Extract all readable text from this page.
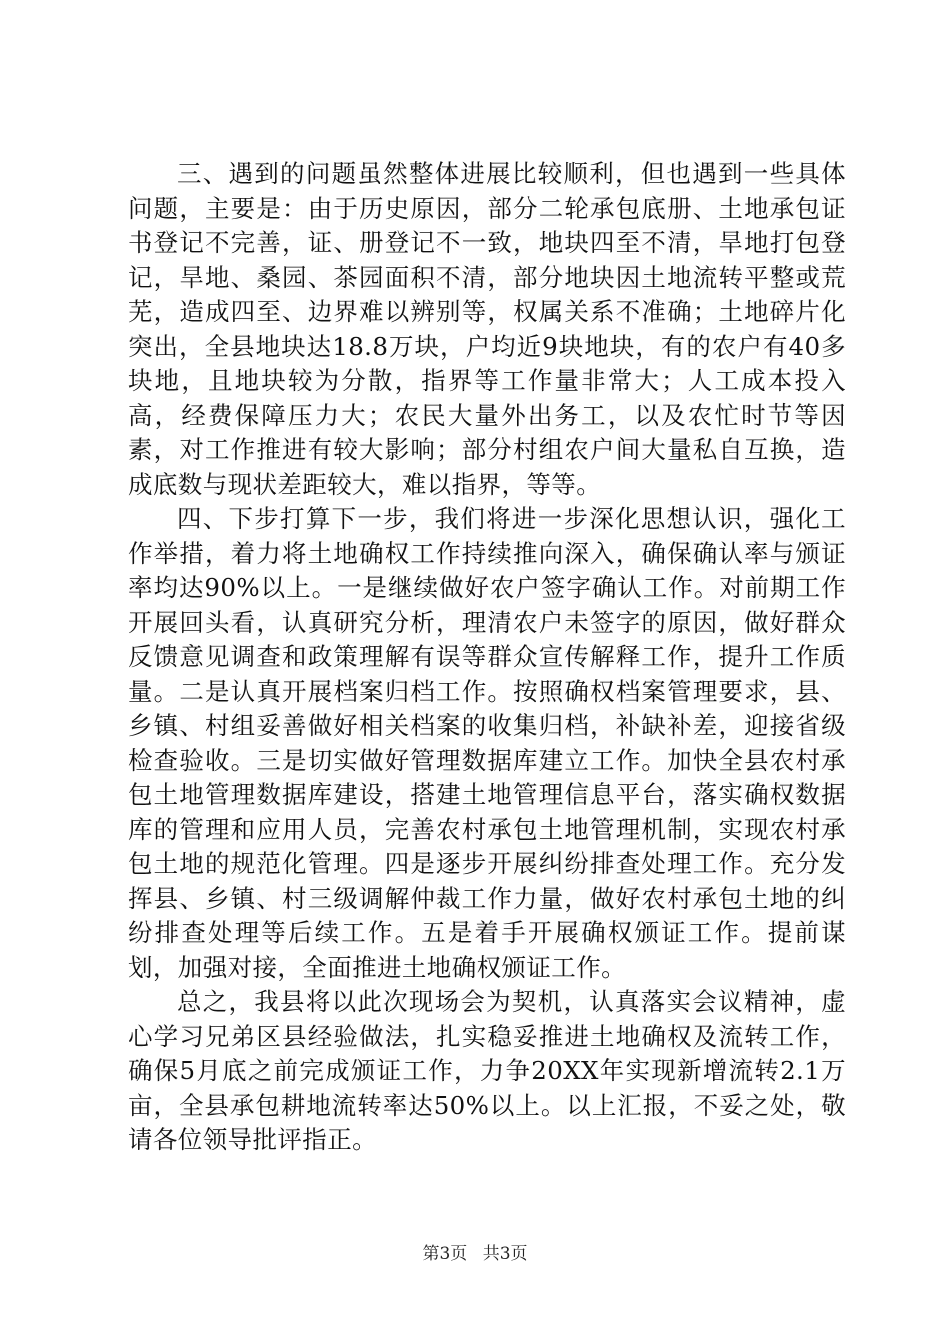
三、遇到的问题虽然整体进展比较顺利，但也遇到一些具体问题，主要是：由于历史原因，部分二轮承包底册、土地承包证书登记不完善，证、册登记不一致，地块四至不清，旱地打包登记，旱地、桑园、茶园面积不清，部分地块因土地流转平整或荒芜，造成四至、边界难以辨别等，权属关系不准确；土地碎片化突出，全县地块达18.8万块，户均近9块地块，有的农户有40多块地，且地块较为分散，指界等工作量非常大；人工成本投入高，经费保障压力大；农民大量外出务工，以及农忙时节等因素，对工作推进有较大影响；部分村组农户间大量私自互换，造成底数与现状差距较大，难以指界，等等。

四、下步打算下一步，我们将进一步深化思想认识，强化工作举措，着力将土地确权工作持续推向深入，确保确认率与颁证率均达90%以上。一是继续做好农户签字确认工作。对前期工作开展回头看，认真研究分析，理清农户未签字的原因，做好群众反馈意见调查和政策理解有误等群众宣传解释工作，提升工作质量。二是认真开展档案归档工作。按照确权档案管理要求，县、乡镇、村组妥善做好相关档案的收集归档，补缺补差，迎接省级检查验收。三是切实做好管理数据库建立工作。加快全县农村承包土地管理数据库建设，搭建土地管理信息平台，落实确权数据库的管理和应用人员，完善农村承包土地管理机制，实现农村承包土地的规范化管理。四是逐步开展纠纷排查处理工作。充分发挥县、乡镇、村三级调解仲裁工作力量，做好农村承包土地的纠纷排查处理等后续工作。五是着手开展确权颁证工作。提前谋划，加强对接，全面推进土地确权颁证工作。

总之，我县将以此次现场会为契机，认真落实会议精神，虚心学习兄弟区县经验做法，扎实稳妥推进土地确权及流转工作，确保5月底之前完成颁证工作，力争20XX年实现新增流转2.1万亩，全县承包耕地流转率达50%以上。以上汇报，不妥之处，敬请各位领导批评指正。

第3页 共3页
